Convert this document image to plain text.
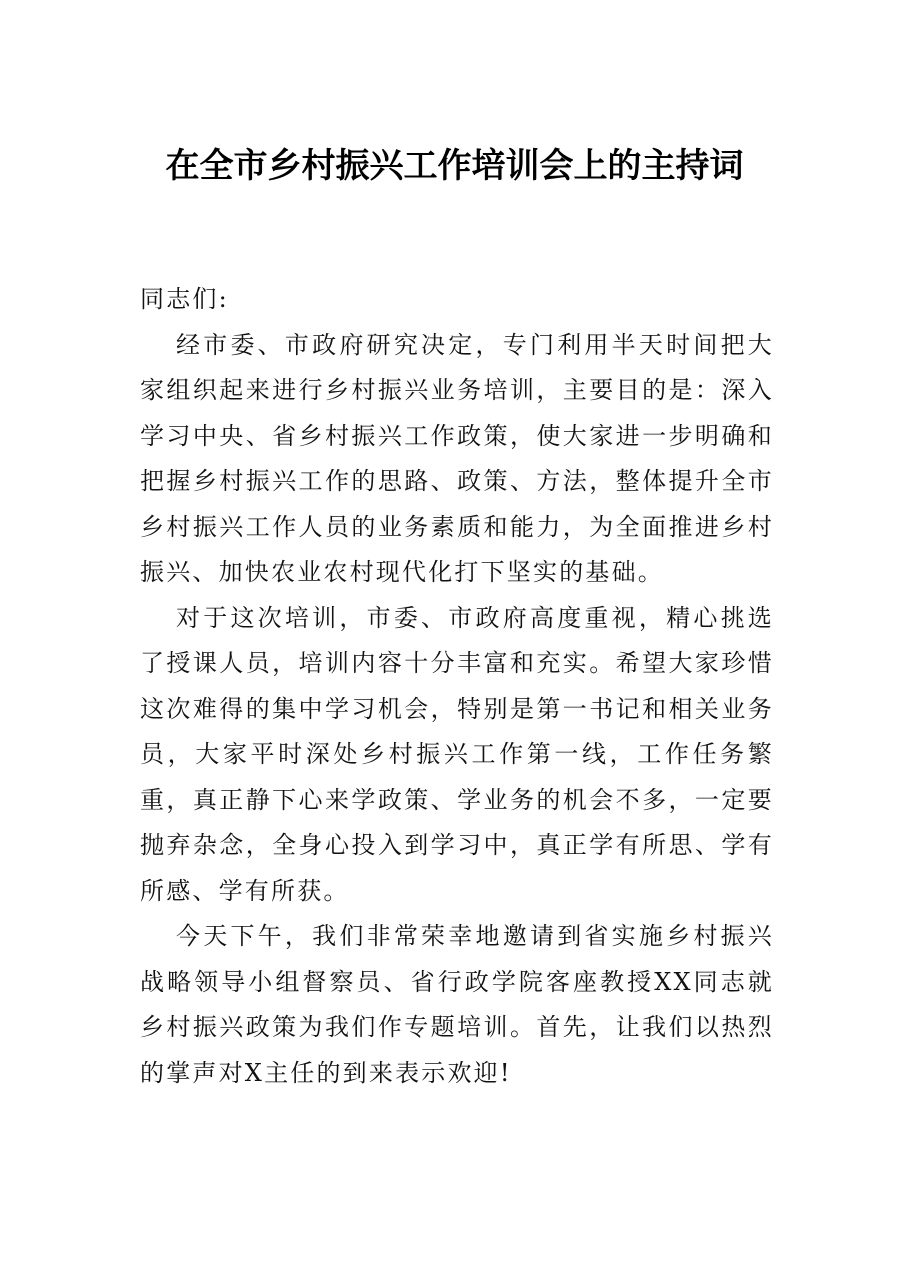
在全市乡村振兴工作培训会上的主持词

同志们:

经市委、市政府研究决定，专门利用半天时间把大家组织起来进行乡村振兴业务培训，主要目的是：深入学习中央、省乡村振兴工作政策，使大家进一步明确和把握乡村振兴工作的思路、政策、方法，整体提升全市乡村振兴工作人员的业务素质和能力，为全面推进乡村振兴、加快农业农村现代化打下坚实的基础。

对于这次培训，市委、市政府高度重视，精心挑选了授课人员，培训内容十分丰富和充实。希望大家珍惜这次难得的集中学习机会，特别是第一书记和相关业务员，大家平时深处乡村振兴工作第一线，工作任务繁重，真正静下心来学政策、学业务的机会不多，一定要抛弃杂念，全身心投入到学习中，真正学有所思、学有所感、学有所获。

今天下午，我们非常荣幸地邀请到省实施乡村振兴战略领导小组督察员、省行政学院客座教授XX同志就乡村振兴政策为我们作专题培训。首先，让我们以热烈的掌声对X主任的到来表示欢迎!
